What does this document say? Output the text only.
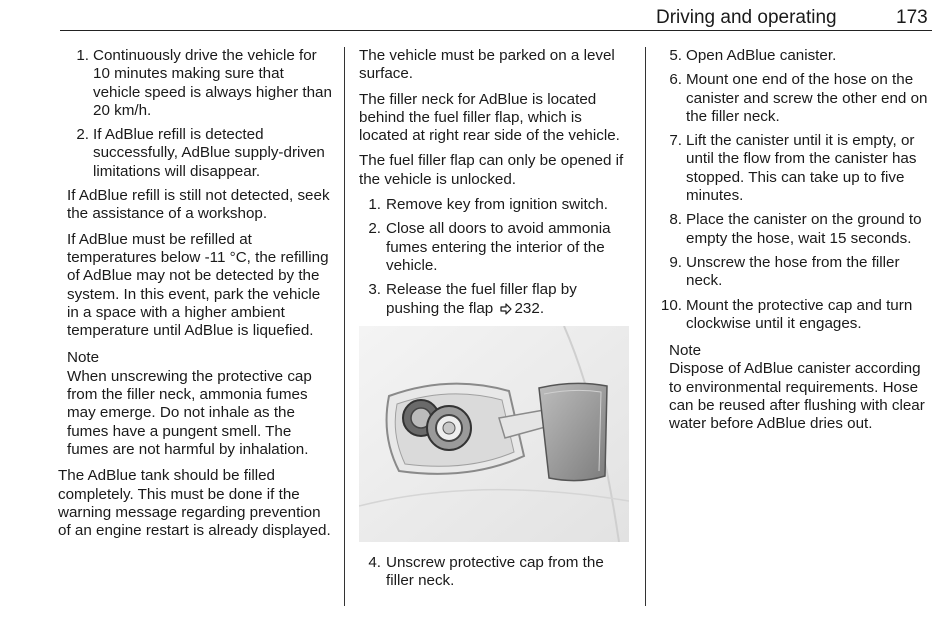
Driving and operating	173
1. Continuously drive the vehicle for 10 minutes making sure that vehicle speed is always higher than 20 km/h.
2. If AdBlue refill is detected successfully, AdBlue supply-driven limitations will disappear.

If AdBlue refill is still not detected, seek the assistance of a workshop.

If AdBlue must be refilled at temperatures below -11 °C, the refilling of AdBlue may not be detected by the system. In this event, park the vehicle in a space with a higher ambient temperature until AdBlue is liquefied.

Note
When unscrewing the protective cap from the filler neck, ammonia fumes may emerge. Do not inhale as the fumes have a pungent smell. The fumes are not harmful by inhalation.

The AdBlue tank should be filled completely. This must be done if the warning message regarding prevention of an engine restart is already displayed.

The vehicle must be parked on a level surface.

The filler neck for AdBlue is located behind the fuel filler flap, which is located at right rear side of the vehicle.

The fuel filler flap can only be opened if the vehicle is unlocked.

1. Remove key from ignition switch.
2. Close all doors to avoid ammonia fumes entering the interior of the vehicle.
3. Release the fuel filler flap by pushing the flap 232.
4. Unscrew protective cap from the filler neck.
5. Open AdBlue canister.
6. Mount one end of the hose on the canister and screw the other end on the filler neck.
7. Lift the canister until it is empty, or until the flow from the canister has stopped. This can take up to five minutes.
8. Place the canister on the ground to empty the hose, wait 15 seconds.
9. Unscrew the hose from the filler neck.
10. Mount the protective cap and turn clockwise until it engages.
Note
Dispose of AdBlue canister according to environmental requirements. Hose can be reused after flushing with clear water before AdBlue dries out.
